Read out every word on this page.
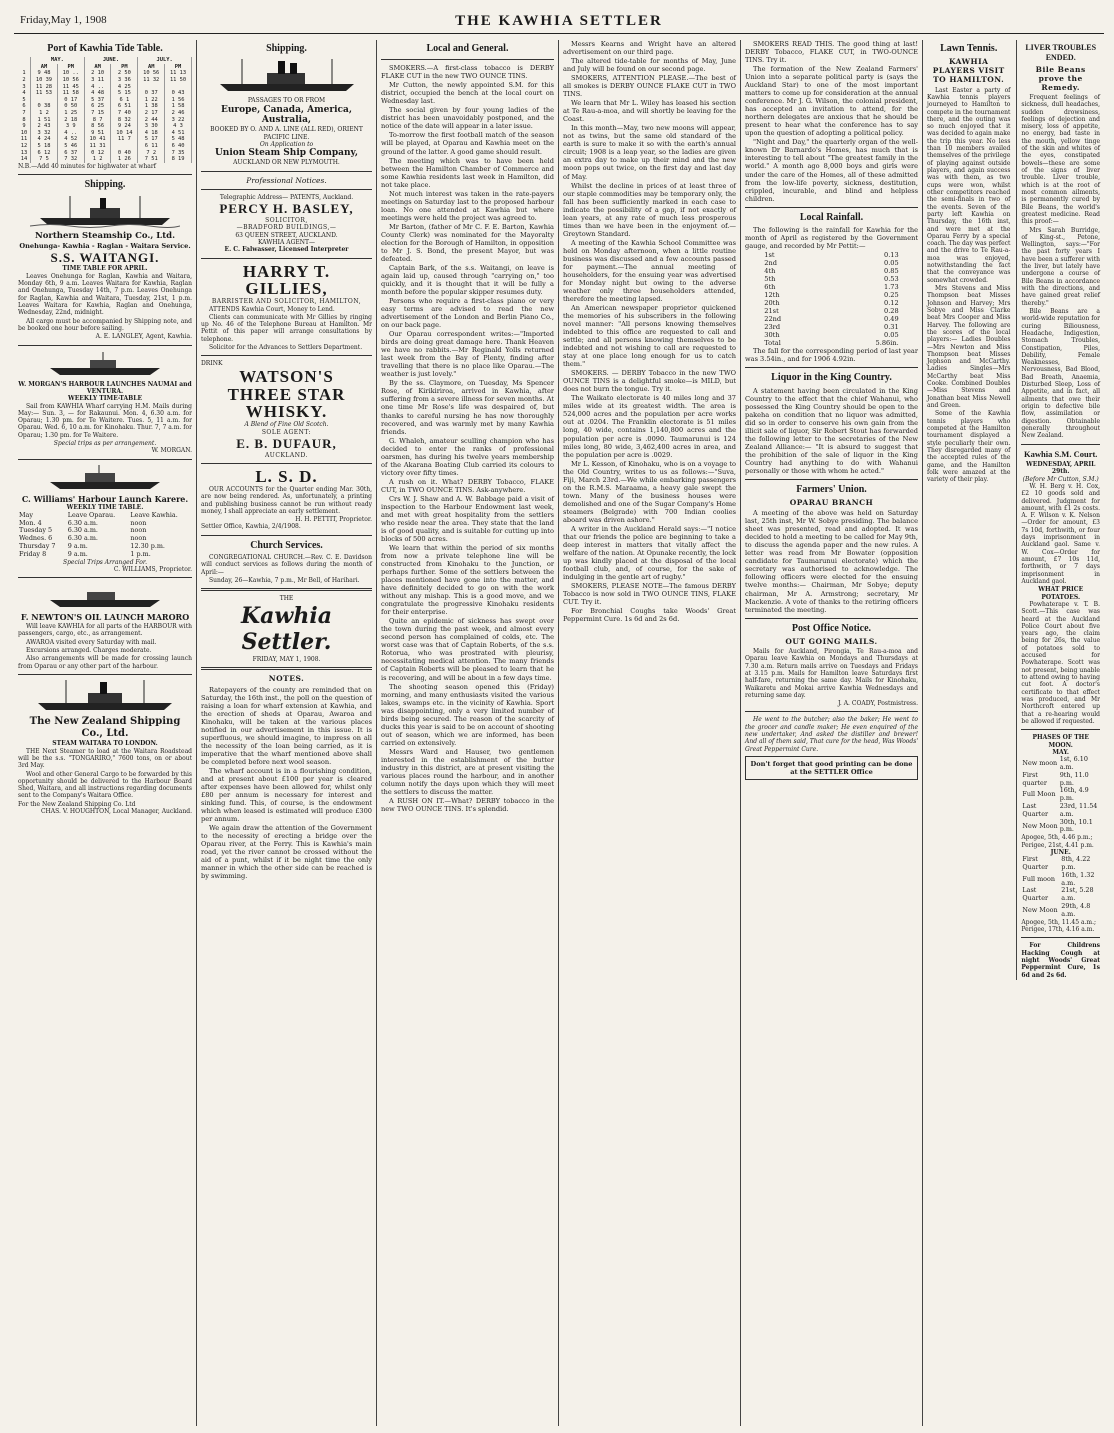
Friday,May 1, 1908	THE KAWHIA SETTLER
Port of Kawhia Tide Table.
	MAY.		JUNE.		JULY.	
	AM	PM	AM	PM	AM	PM
1	9 48	10 ..	2 10	2 50	10 56	11 13
2	10 39	10 56	3 11	3 36	11 32	11 50
3	11 28	11 45	4 ..	4 25		
4	11 53	11 58	4 48	5 15	0 37	0 43
5		0 17	5 37	6 1	1 22	1 56
6	0 38	0 50	6 25	6 51	1 38	1 58
7	1 2	1 25	7 15	7 40	2 17	2 46
8	1 51	2 18	8 7	8 32	2 44	3 22
9	2 43	3 9	8 56	9 24	3 30	4 3
10	3 32	4 ..	9 51	10 14	4 18	4 51
11	4 24	4 52	10 41	11 7	5 17	5 48
12	5 18	5 46	11 31		6 11	6 40
13	6 12	6 37	0 12	0 40	7 2	7 35
14	7 5	7 32	1 2	1 26	7 51	8 19
N.B.—Add 40 minutes for highwater at wharf
Shipping.
Northern Steamship Co., Ltd.
Onehunga- Kawhia - Raglan - Waitara Service.
S.S. WAITANGI.
TIME TABLE FOR APRIL.

Leaves Onehunga for Raglan, Kawhia and Waitara, Monday 6th, 9 a.m. Leaves Waitara for Kawhia, Raglan and Onehunga, Tuesday 14th, 7 p.m. Leaves Onehunga for Raglan, Kawhia and Waitara, Tuesday, 21st, 1 p.m. Leaves Waitara for Kawhia, Raglan and Onehunga, Wednesday, 22nd, midnight.

All cargo must be accompanied by Shipping note, and be booked one hour before sailing.

A. E. LANGLEY, Agent, Kawhia.
W. MORGAN'S HARBOUR LAUNCHES NAUMAI and VENTURA.
WEEKLY TIME-TABLE

Sail from KAWHIA Wharf carrying H.M. Mails during May:— Sun. 3, — for Rakaunui. Mon. 4, 6.30 a.m. for Oparau; 1.30 pm. for Te Waitere. Tues. 5, 11 a.m. for Oparau. Wed. 6, 10 a.m. for Kinohaku. Thur. 7, 7 a.m. for Oparau; 1.30 pm. for Te Waitere.

Special trips as per arrangement.
W. MORGAN.
C. Williams' Harbour Launch Karere.
WEEKLY TIME TABLE.
May	Leave Oparau.	Leave Kawhia.
Mon. 4	6.30 a.m.	noon
Tuesday 5	6.30 a.m.	noon
Wednes. 6	6.30 a.m.	noon
Thursday 7	9 a.m.	12.30 p.m.
Friday 8	9 a.m.	1 p.m.
Special Trips Arranged For.
C. WILLIAMS, Proprietor.
F. NEWTON'S OIL LAUNCH MARORO

Will leave KAWHIA for all parts of the HARBOUR with passengers, cargo, etc., as arrangement.

AWAROA visited every Saturday with mail.

Excursions arranged. Charges moderate.

Also arrangements will be made for crossing launch from Oparau or any other part of the harbour.

The New Zealand Shipping Co., Ltd.
STEAM WAITARA TO LONDON.

THE Next Steamer to load at the Waitara Roadstead will be the s.s. "TONGARIRO," 7600 tons, on or about 3rd May.

Wool and other General Cargo to be forwarded by this opportunity should be delivered to the Harbour Board Shed, Waitara, and all instructions regarding documents sent to the Company's Waitara Office.

For the New Zealand Shipping Co. Ltd
CHAS. V. HOUGHTON, Local Manager, Auckland.
Shipping.
PASSAGES TO OR FROM
Europe, Canada, America, Australia,
BOOKED BY O. AND A. LINE (ALL RED), ORIENT PACIFIC LINE.
On Application to
Union Steam Ship Company,
AUCKLAND OR NEW PLYMOUTH.
Professional Notices.
Telegraphic Address— PATENTS, Auckland.
PERCY H. BASLEY,
SOLICITOR,
—BRADFORD BUILDINGS,—
63 QUEEN STREET, AUCKLAND.
KAWHIA AGENT—
E. C. Falwasser, Licensed Interpreter
HARRY T. GILLIES,
BARRISTER AND SOLICITOR, HAMILTON,

ATTENDS Kawhia Court, Money to Lend.

Clients can communicate with Mr Gillies by ringing up No. 46 of the Telephone Bureau at Hamilton. Mr Pettit of this paper will arrange consultations by telephone.

Solicitor for the Advances to Settlers Department.

DRINK
WATSON'S
THREE STAR
WHISKY.
A Blend of Fine Old Scotch.
SOLE AGENT:
E. B. DUFAUR,
AUCKLAND.
L. S. D.

OUR ACCOUNTS for the Quarter ending Mar. 30th, are now being rendered. As, unfortunately, a printing and publishing business cannot be run without ready money, I shall appreciate an early settlement.

H. H. PETTIT, Proprietor.
Settler Office, Kawhia, 2/4/1908.
Church Services.

CONGREGATIONAL CHURCH.—Rev. C. E. Davidson will conduct services as follows during the month of April:—

Sunday, 26—Kawhia, 7 p.m., Mr Bell, of Harihari.

THE
Kawhia Settler.
FRIDAY, MAY 1, 1908.
NOTES.

Ratepayers of the county are reminded that on Saturday, the 16th inst., the poll on the question of raising a loan for wharf extension at Kawhia, and the erection of sheds at Oparau, Awaroa and Kinohaku, will be taken at the various places notified in our advertisement in this issue. It is superfluous, we should imagine, to impress on all the necessity of the loan being carried, as it is imperative that the wharf mentioned above shall be completed before next wool season.

The wharf account is in a flourishing condition, and at present about £100 per year is cleared after expenses have been allowed for, whilst only £80 per annum is necessary for interest and sinking fund. This, of course, is the endowment which when leased is estimated will produce £300 per annum.

We again draw the attention of the Government to the necessity of erecting a bridge over the Oparau river, at the Ferry. This is Kawhia's main road, yet the river cannot be crossed without the aid of a punt, whilst if it be night time the only manner in which the other side can be reached is by swimming.

Local and General.

SMOKERS.—A first-class tobacco is DERBY FLAKE CUT in the new TWO OUNCE TINS.

Mr Cutton, the newly appointed S.M. for this district, occupied the bench at the local court on Wednesday last.

The social given by four young ladies of the district has been unavoidably postponed, and the notice of the date will appear in a later issue.

To-morrow the first football match of the season will be played, at Oparau and Kawhia meet on the ground of the latter. A good game should result.

The meeting which was to have been held between the Hamilton Chamber of Commerce and some Kawhia residents last week in Hamilton, did not take place.

Not much interest was taken in the rate-payers meetings on Saturday last to the proposed harbour loan. No one attended at Kawhia but where meetings were held the project was agreed to.

Mr Barton, (father of Mr C. F. E. Barton, Kawhia County Clerk) was nominated for the Mayoralty election for the Borough of Hamilton, in opposition to Mr J. S. Bond, the present Mayor, but was defeated.

Captain Bark, of the s.s. Waitangi, on leave is again laid up, caused through "carrying on," too quickly, and it is thought that it will be fully a month before the popular skipper resumes duty.

Persons who require a first-class piano or very easy terms are advised to read the new advertisement of the London and Berlin Piano Co., on our back page.

Our Oparau correspondent writes:—"Imported birds are doing great damage here. Thank Heaven we have no rabbits.—Mr Reginald Yolls returned last week from the Bay of Plenty, finding after travelling that there is no place like Oparau.—The weather is just lovely."

By the ss. Claymore, on Tuesday, Ms Spencer Rose, of Kirikiriroa, arrived in Kawhia, after suffering from a severe illness for seven months. At one time Mr Rose's life was despaired of, but thanks to careful nursing he has now thoroughly recovered, and was warmly met by many Kawhia friends.

G. Whaleh, amateur sculling champion who has decided to enter the ranks of professional oarsmen, has during his twelve years membership of the Akarana Boating Club carried its colours to victory over fifty times.

A rush on it. What? DERBY Tobacco, FLAKE CUT, in TWO OUNCE TINS. Ask-anywhere.

Crs W. J. Shaw and A. W. Babbage paid a visit of inspection to the Harbour Endowment last week, and met with great hospitality from the settlers who reside near the area. They state that the land is of good quality, and is suitable for cutting up into blocks of 500 acres.

We learn that within the period of six months from now a private telephone line will be constructed from Kinohaku to the Junction, or perhaps further. Some of the settlers between the places mentioned have gone into the matter, and have definitely decided to go on with the work without any mishap. This is a good move, and we congratulate the progressive Kinohaku residents for their enterprise.

Quite an epidemic of sickness has swept over the town during the past week, and almost every second person has complained of colds, etc. The worst case was that of Captain Roberts, of the s.s. Rotorua, who was prostrated with pleurisy, necessitating medical attention. The many friends of Captain Roberts will be pleased to learn that he is recovering, and will be about in a few days time.

The shooting season opened this (Friday) morning, and many enthusiasts visited the various lakes, swamps etc. in the vicinity of Kawhia. Sport was disappointing, only a very limited number of birds being secured. The reason of the scarcity of ducks this year is said to be on account of shooting out of season, which we are informed, has been carried on extensively.

Messrs Ward and Hauser, two gentlemen interested in the establishment of the butter industry in this district, are at present visiting the various places round the harbour, and in another column notify the days upon which they will meet the settlers to discuss the matter.

A RUSH ON IT.—What? DERBY tobacco in the new TWO OUNCE TINS. It's splendid.

Messrs Kearns and Wright have an altered advertisement on our third page.

The altered tide-table for months of May, June and July will be found on our second page.

SMOKERS, ATTENTION PLEASE.—The best of all smokes is DERBY OUNCE FLAKE CUT in TWO TINS.

We learn that Mr L. Wiley has leased his section at Te Rau-a-moa, and will shortly be leaving for the Coast.

In this month—May, two new moons will appear, not as twins, but the same old standard of the earth is sure to make it so with the earth's annual circuit; 1908 is a leap year, so the ladies are given an extra day to make up their mind and the new moon pops out twice, on the first day and last day of May.

Whilst the decline in prices of at least three of our staple commodities may be temporary only, the fall has been sufficiently marked in each case to indicate the possibility of a gap, if not exactly of lean years, at any rate of much less prosperous times than we have been in the enjoyment of.—Greytown Standard.

A meeting of the Kawhia School Committee was held on Monday afternoon, when a little routine business was discussed and a few accounts passed for payment.—The annual meeting of householders, for the ensuing year was advertised for Monday night but owing to the adverse weather only three householders attended, therefore the meeting lapsed.

An American newspaper proprietor quickened the memories of his subscribers in the following novel manner: "All persons knowing themselves indebted to this office are requested to call and settle; and all persons knowing themselves to be indebted and not wishing to call are requested to stay at one place long enough for us to catch them."

SMOKERS. — DERBY Tobacco in the new TWO OUNCE TINS is a delightful smoke—is MILD, but does not burn the tongue. Try it.

The Waikato electorate is 40 miles long and 37 miles wide at its greatest width. The area is 524,000 acres and the population per acre works out at .0204. The Franklin electorate is 51 miles long, 40 wide, contains 1,140,800 acres and the population per acre is .0090. Taumarunui is 124 miles long, 80 wide, 3,462,400 acres in area, and the population per acre is .0029.

Mr L. Kesson, of Kinohaku, who is on a voyage to the Old Country, writes to us as follows:—"Suva, Fiji, March 23rd.—We while embarking passengers on the R.M.S. Maraama, a heavy gale swept the town. Many of the business houses were demolished and one of the Sugar Company's Home steamers (Belgrade) with 700 Indian coolies aboard was driven ashore."

A writer in the Auckland Herald says:—"I notice that our friends the police are beginning to take a deep interest in matters that vitally affect the welfare of the nation. At Opunake recently, the lock up was kindly placed at the disposal of the local football club, and, of course, for the sake of indulging in the gentle art of rugby."

SMOKERS, PLEASE NOTE—The famous DERBY Tobacco is now sold in TWO OUNCE TINS, FLAKE CUT. Try it.

For Bronchial Coughs take Woods' Great Peppermint Cure. 1s 6d and 2s 6d.

SMOKERS READ THIS. The good thing at last! DERBY Tobacco, FLAKE CUT, in TWO-OUNCE TINS. Try it.

The formation of the New Zealand Farmers' Union into a separate political party is (says the Auckland Star) to one of the most important matters to come up for consideration at the annual conference. Mr J. G. Wilson, the colonial president, has accepted an invitation to attend, for the northern delegates are anxious that he should be present to hear what the conference has to say upon the question of adopting a political policy.

"Night and Day," the quarterly organ of the well-known Dr Barnardo's Homes, has much that is interesting to tell about "The greatest family in the world." A month ago 8,000 boys and girls were under the care of the Homes, all of these admitted from the low-life poverty, sickness, destitution, crippled, incurable, and blind and helpless children.

Local Rainfall.

The following is the rainfall for Kawhia for the month of April as registered by the Government gauge, and recorded by Mr Pettit:—

1st	0.13
2nd	0.05
4th	0.85
5th	0.53
6th	1.73
12th	0.25
20th	0.12
21st	0.28
22nd	0.49
23rd	0.31
30th	0.05
Total	5.86in.

The fall for the corresponding period of last year was 3.54in., and for 1906 4.92in.

Liquor in the King Country.

A statement having been circulated in the King Country to the effect that the chief Wahanui, who possessed the King Country should be open to the pakeha on condition that no liquor was admitted, did so in order to conserve his own gain from the illicit sale of liquor, Sir Robert Stout has forwarded the following letter to the secretaries of the New Zealand Alliance:— "It is absurd to suggest that the prohibition of the sale of liquor in the King Country had anything to do with Wahanui personally or those with whom he acted."

Farmers' Union.
OPARAU BRANCH

A meeting of the above was held on Saturday last, 25th inst, Mr W. Sobye presiding. The balance sheet was presented, read and adopted. It was decided to hold a meeting to be called for May 9th, to discuss the agenda paper and the new rules. A letter was read from Mr Bowater (opposition candidate for Taumarunui electorate) which the secretary was authorised to acknowledge. The following officers were elected for the ensuing twelve months:— Chairman, Mr Sobye; deputy chairman, Mr A. Armstrong; secretary, Mr Mackenzie. A vote of thanks to the retiring officers terminated the meeting.

Post Office Notice.
OUT GOING MAILS.

Mails for Auckland, Pirongia, Te Rau-a-moa and Oparau leave Kawhia on Mondays and Thursdays at 7.30 a.m. Return mails arrive on Tuesdays and Fridays at 3.15 p.m. Mails for Hamilton leave Saturdays first half-fare, returning the same day. Mails for Kinohaku, Waikaretu and Mokai arrive Kawhia Wednesdays and returning same day.

J. A. COADY, Postmistress.

He went to the butcher; also the baker; He went to the grocer and candle maker; He even enquired of the new undertaker, And asked the distiller and brewer! And all of them said, That cure for the head, Was Woods' Great Peppermint Cure.

Don't forget that good printing can be done at the SETTLER Office
Lawn Tennis.
KAWHIA PLAYERS VISIT TO HAMILTON.

Last Easter a party of Kawhia tennis players journeyed to Hamilton to compete in the tournament there, and the outing was so much enjoyed that it was decided to again make the trip this year. No less than 10 members availed themselves of the privilege of playing against outside players, and again success was with them, as two cups were won, whilst other competitors reached the semi-finals in two of the events. Seven of the party left Kawhia on Thursday, the 16th inst, and were met at the Oparau Ferry by a special coach. The day was perfect and the drive to Te Rau-a-moa was enjoyed, notwithstanding the fact that the conveyance was somewhat crowded.

Mrs Stevens and Miss Thompson beat Misses Johnson and Harvey; Mrs Sobye and Miss Clarke beat Mrs Cooper and Miss Harvey. The following are the scores of the local players:— Ladies Doubles—Mrs Newton and Miss Thompson beat Misses Jephson and McCarthy. Ladies Singles—Mrs McCarthy beat Miss Cooke. Combined Doubles—Miss Stevens and Jonathan beat Miss Newell and Green.

Some of the Kawhia tennis players who competed at the Hamilton tournament displayed a style peculiarly their own. They disregarded many of the accepted rules of the game, and the Hamilton folk were amazed at the variety of their play.

LIVER TROUBLES ENDED.
Bile Beans prove the Remedy.

Frequent feelings of sickness, dull headaches, sudden drowsiness, feelings of dejection and misery, loss of appetite, no energy, bad taste in the mouth, yellow tinge of the skin and whites of the eyes, constipated bowels—these are some of the signs of liver trouble. Liver trouble, which is at the root of most common ailments, is permanently cured by Bile Beans, the world's greatest medicine. Read this proof:—

Mrs Sarah Burridge, of King-st., Petone, Wellington, says:—"For the past forty years I have been a sufferer with the liver, but lately have undergone a course of Bile Beans in accordance with the directions, and have gained great relief thereby."

Bile Beans are a world-wide reputation for curing Biliousness, Headache, Indigestion, Stomach Troubles, Constipation, Piles, Debility, Female Weaknesses, Nervousness, Bad Blood, Bad Breath, Anaemia, Disturbed Sleep, Loss of Appetite, and in fact, all ailments that owe their origin to defective bile flow, assimilation or digestion. Obtainable generally throughout New Zealand.

Kawhia S.M. Court.
WEDNESDAY, APRIL 29th.
(Before Mr Cutton, S.M.)

W. H. Berg v. H. Cox, £2 10 goods sold and delivered. Judgment for amount, with £1 2s costs. A. F. Wilson v. K. Nelson—Order for amount, £3 7s 10d, forthwith, or four days imprisonment in Auckland gaol. Same v. W. Cox—Order for amount, £7 10s 11d, forthwith, or 7 days imprisonment in Auckland gaol.

WHAT PRICE POTATOES.

Powhaterape v. T. B. Scott.—This case was heard at the Auckland Police Court about five years ago, the claim being for 26s, the value of potatoes sold to accused for Powhaterape. Scott was not present, being unable to attend owing to having cut foot. A doctor's certificate to that effect was produced, and Mr Northcroft entered up that a re-hearing would be allowed if requested.

PHASES OF THE MOON.
MAY.
New moon	1st, 6.10 a.m.
First quarter	9th, 11.0 p.m.
Full Moon	16th, 4.9 p.m.
Last Quarter	23rd, 11.54 a.m.
New Moon	30th, 10.1 p.m.
Apogee, 5th, 4.46 p.m.; Perigee, 21st, 4.41 p.m.
JUNE.
First Quarter	8th, 4.22 p.m.
Full moon	16th, 1.32 a.m.
Last Quarter	21st, 5.28 a.m.
New Moon	29th, 4.8 a.m.
Apogee, 5th, 11.45 a.m.; Perigee, 17th, 4.16 a.m.

For Childrens Hacking Cough at night Woods' Great Peppermint Cure, 1s 6d and 2s 6d.
